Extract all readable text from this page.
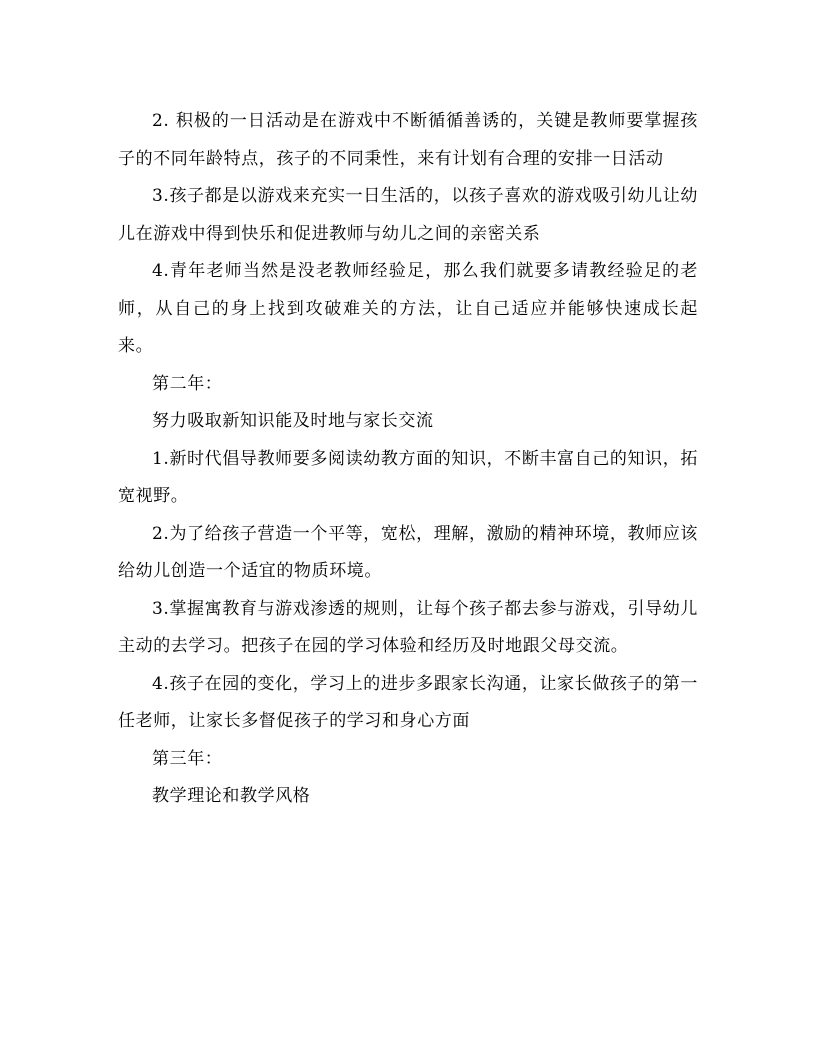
2. 积极的一日活动是在游戏中不断循循善诱的，关键是教师要掌握孩子的不同年龄特点，孩子的不同秉性，来有计划有合理的安排一日活动

3.孩子都是以游戏来充实一日生活的，以孩子喜欢的游戏吸引幼儿让幼儿在游戏中得到快乐和促进教师与幼儿之间的亲密关系

4.青年老师当然是没老教师经验足，那么我们就要多请教经验足的老师，从自己的身上找到攻破难关的方法，让自己适应并能够快速成长起来。

第二年：

努力吸取新知识能及时地与家长交流

1.新时代倡导教师要多阅读幼教方面的知识，不断丰富自己的知识，拓宽视野。

2.为了给孩子营造一个平等，宽松，理解，激励的精神环境，教师应该给幼儿创造一个适宜的物质环境。

3.掌握寓教育与游戏渗透的规则，让每个孩子都去参与游戏，引导幼儿主动的去学习。把孩子在园的学习体验和经历及时地跟父母交流。

4.孩子在园的变化，学习上的进步多跟家长沟通，让家长做孩子的第一任老师，让家长多督促孩子的学习和身心方面

第三年：

教学理论和教学风格
